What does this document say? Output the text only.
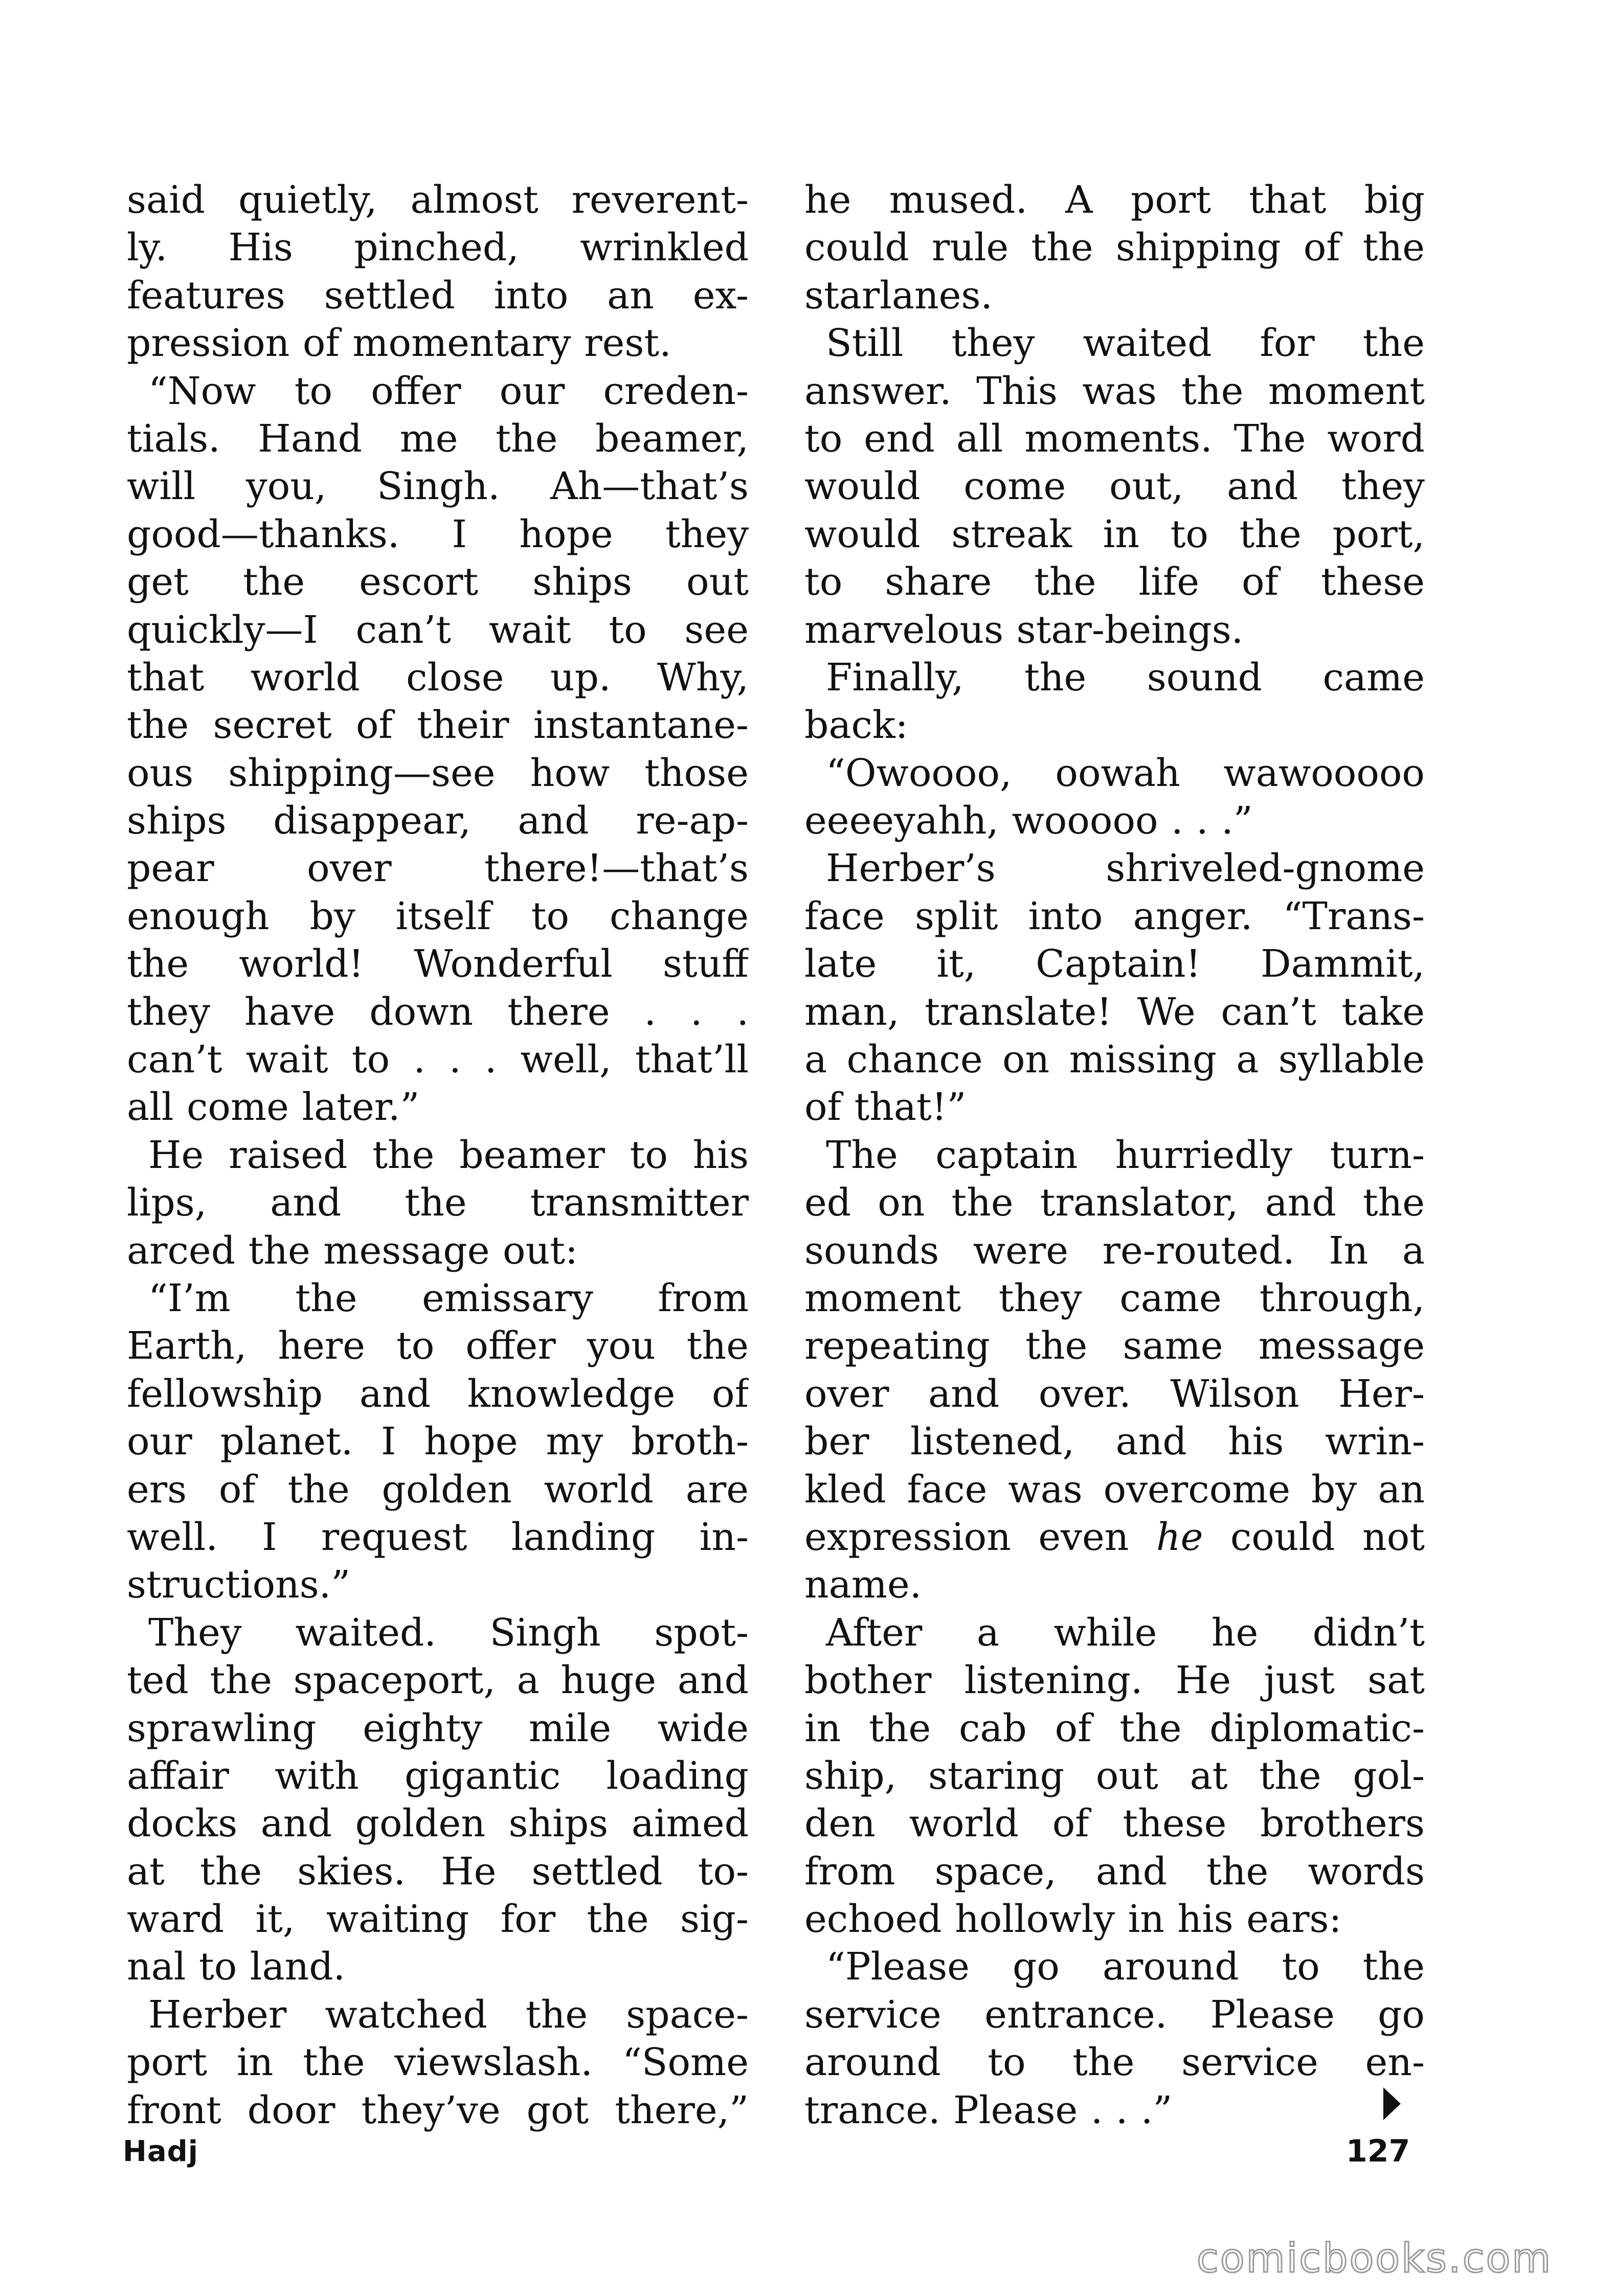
said quietly, almost reverent-
ly. His pinched, wrinkled
features settled into an ex-
pression of momentary rest.
“Now to offer our creden-
tials. Hand me the beamer,
will you, Singh. Ah—that’s
good—thanks. I hope they
get the escort ships out
quickly—I can’t wait to see
that world close up. Why,
the secret of their instantane-
ous shipping—see how those
ships disappear, and re-ap-
pear over there!—that’s
enough by itself to change
the world! Wonderful stuff
they have down there . . .
can’t wait to . . . well, that’ll
all come later.”
He raised the beamer to his
lips, and the transmitter
arced the message out:
“I’m the emissary from
Earth, here to offer you the
fellowship and knowledge of
our planet. I hope my broth-
ers of the golden world are
well. I request landing in-
structions.”
They waited. Singh spot-
ted the spaceport, a huge and
sprawling eighty mile wide
affair with gigantic loading
docks and golden ships aimed
at the skies. He settled to-
ward it, waiting for the sig-
nal to land.
Herber watched the space-
port in the viewslash. “Some
front door they’ve got there,”
he mused. A port that big
could rule the shipping of the
starlanes.
Still they waited for the
answer. This was the moment
to end all moments. The word
would come out, and they
would streak in to the port,
to share the life of these
marvelous star-beings.
Finally, the sound came
back:
“Owoooo, oowah wawooooo
eeeeyahh, wooooo . . .”
Herber’s shriveled-gnome
face split into anger. “Trans-
late it, Captain! Dammit,
man, translate! We can’t take
a chance on missing a syllable
of that!”
The captain hurriedly turn-
ed on the translator, and the
sounds were re-routed. In a
moment they came through,
repeating the same message
over and over. Wilson Her-
ber listened, and his wrin-
kled face was overcome by an
expression even he could not
name.
After a while he didn’t
bother listening. He just sat
in the cab of the diplomatic-
ship, staring out at the gol-
den world of these brothers
from space, and the words
echoed hollowly in his ears:
“Please go around to the
service entrance. Please go
around to the service en-
trance. Please . . .”
Hadj	127
comicbooks.com
